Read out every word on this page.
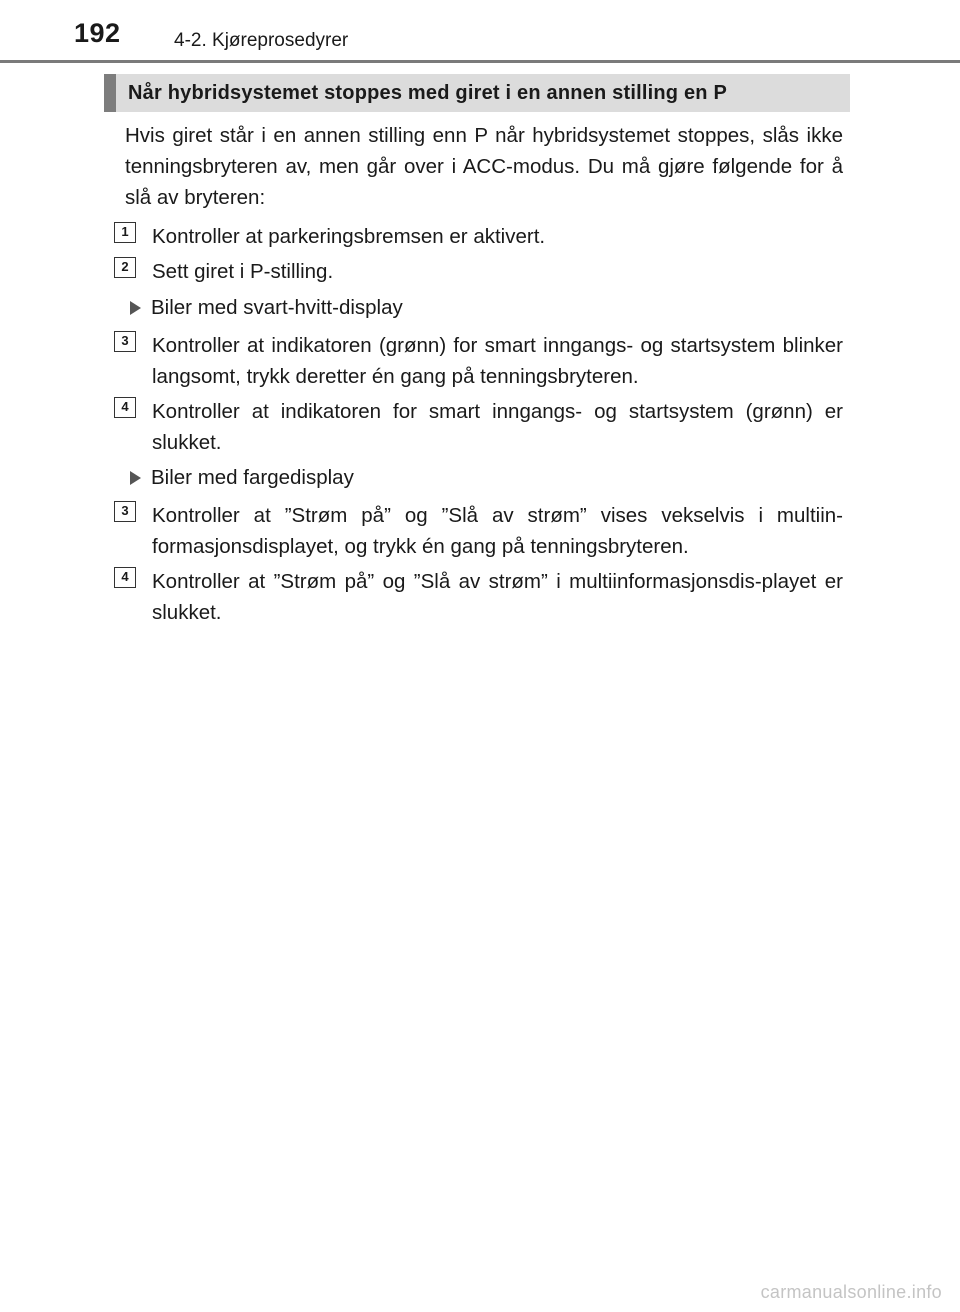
192	4-2. Kjøreprosedyrer
Når hybridsystemet stoppes med giret i en annen stilling en P
Hvis giret står i en annen stilling enn P når hybridsystemet stoppes, slås ikke tenningsbryteren av, men går over i ACC-modus. Du må gjøre følgende for å slå av bryteren:
1	Kontroller at parkeringsbremsen er aktivert.
2	Sett giret i P-stilling.
Biler med svart-hvitt-display
3	Kontroller at indikatoren (grønn) for smart inngangs- og startsystem blinker langsomt, trykk deretter én gang på tenningsbryteren.
4	Kontroller at indikatoren for smart inngangs- og startsystem (grønn) er slukket.
Biler med fargedisplay
3	Kontroller at ”Strøm på” og ”Slå av strøm” vises vekselvis i multiin-formasjonsdisplayet, og trykk én gang på tenningsbryteren.
4	Kontroller at ”Strøm på” og ”Slå av strøm” i multiinformasjonsdis-playet er slukket.
carmanualsonline.info
